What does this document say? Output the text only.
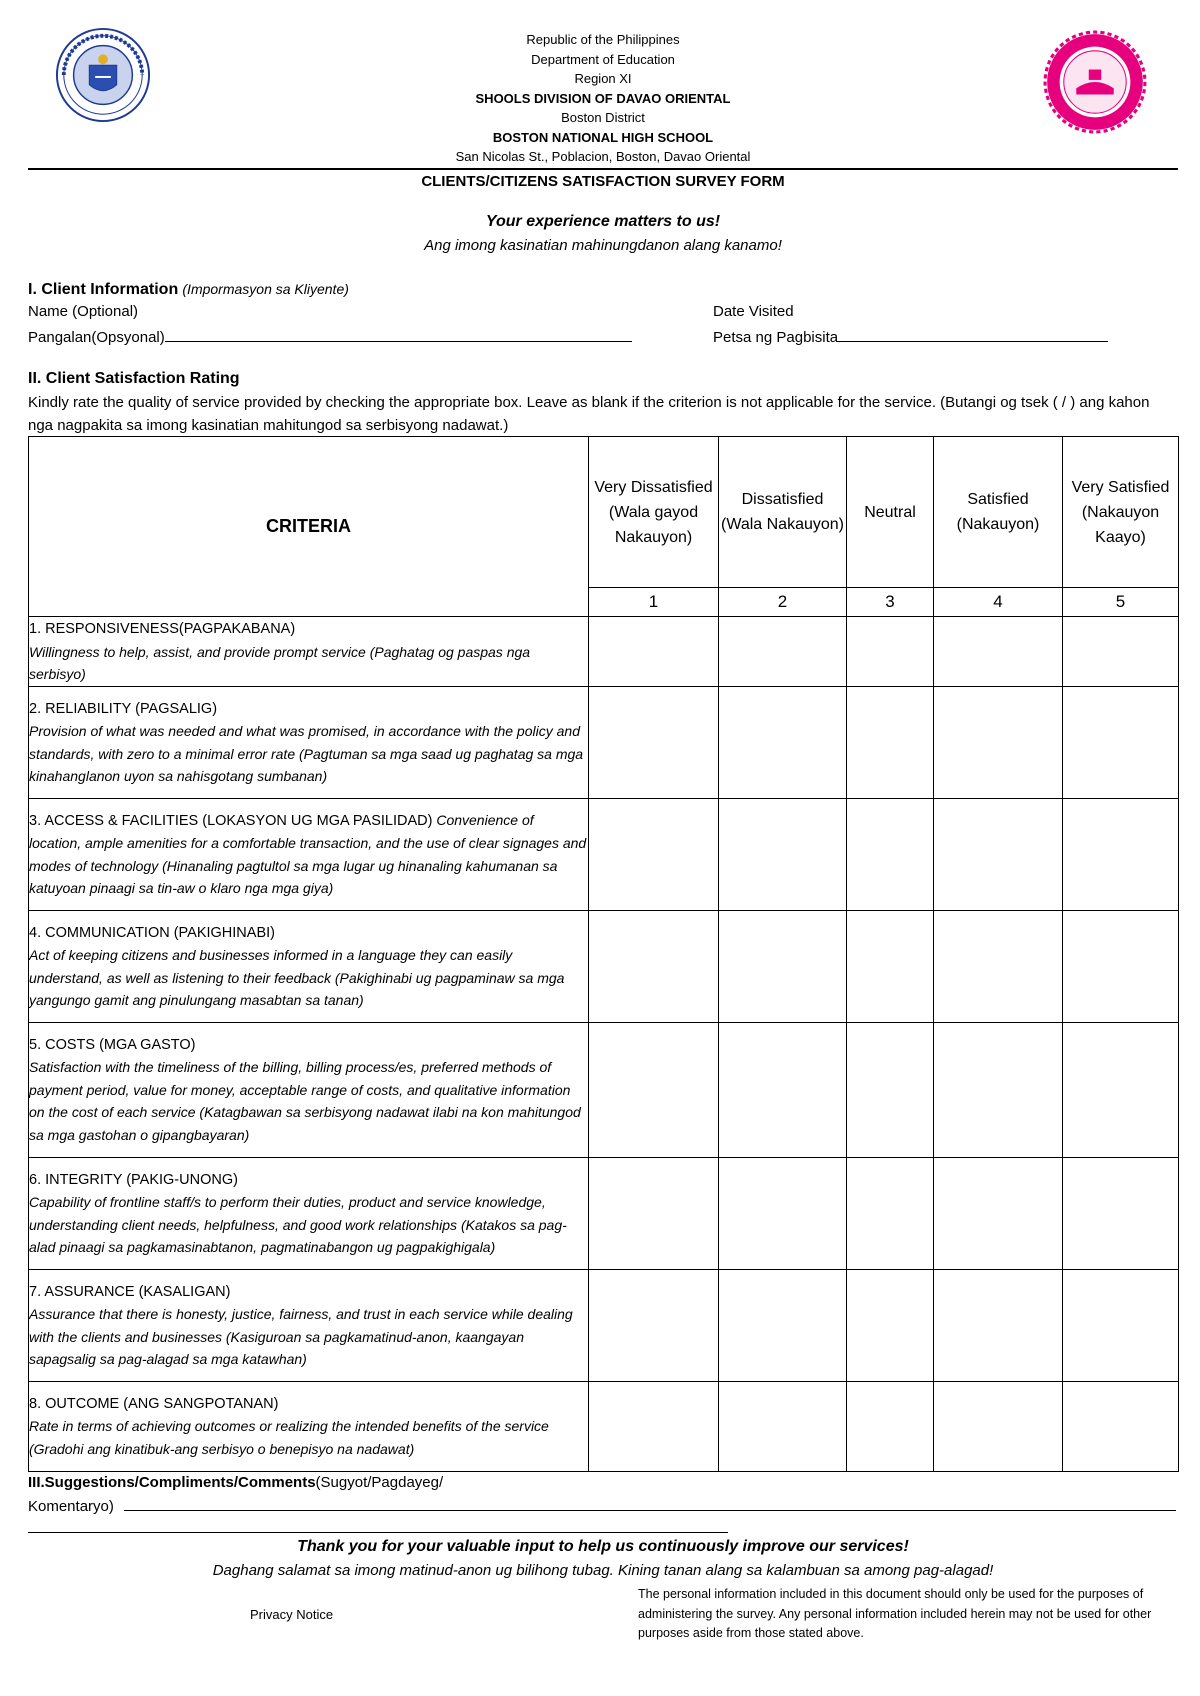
Republic of the Philippines
Department of Education
Region XI
SHOOLS DIVISION OF DAVAO ORIENTAL
Boston District
BOSTON NATIONAL HIGH SCHOOL
San Nicolas St., Poblacion, Boston, Davao Oriental
CLIENTS/CITIZENS SATISFACTION SURVEY FORM
Your experience matters to us!
Ang imong kasinatian mahinungdanon alang kanamo!
I. Client Information (Impormasyon sa Kliyente)
Name (Optional)
Pangalan(Opsyonal)
Date Visited
Petsa ng Pagbisita
II. Client Satisfaction Rating
Kindly rate the quality of service provided by checking the appropriate box. Leave as blank if the criterion is not applicable for the service. (Butangi og tsek ( / ) ang kahon nga nagpakita sa imong kasinatian mahitungod sa serbisyong nadawat.)
CRITERIA	Very Dissatisfied (Wala gayod Nakauyon)	Dissatisfied (Wala Nakauyon)	Neutral	Satisfied (Nakauyon)	Very Satisfied (Nakauyon Kaayo)
	1	2	3	4	5
1. RESPONSIVENESS(PAGPAKABANA)
Willingness to help, assist, and provide prompt service (Paghatag og paspas nga serbisyo)					
2. RELIABILITY (PAGSALIG)
Provision of what was needed and what was promised, in accordance with the policy and standards, with zero to a minimal error rate (Pagtuman sa mga saad ug paghatag sa mga kinahanglanon uyon sa nahisgotang sumbanan)					
3. ACCESS & FACILITIES (LOKASYON UG MGA PASILIDAD) Convenience of location, ample amenities for a comfortable transaction, and the use of clear signages and modes of technology (Hinanaling pagtultol sa mga lugar ug hinanaling kahumanan sa katuyoan pinaagi sa tin-aw o klaro nga mga giya)					
4. COMMUNICATION (PAKIGHINABI)
Act of keeping citizens and businesses informed in a language they can easily understand, as well as listening to their feedback (Pakighinabi ug pagpaminaw sa mga yangungo gamit ang pinulungang masabtan sa tanan)					
5. COSTS (MGA GASTO)
Satisfaction with the timeliness of the billing, billing process/es, preferred methods of payment period, value for money, acceptable range of costs, and qualitative information on the cost of each service (Katagbawan sa serbisyong nadawat ilabi na kon mahitungod sa mga gastohan o gipangbayaran)					
6. INTEGRITY (PAKIG-UNONG)
Capability of frontline staff/s to perform their duties, product and service knowledge, understanding client needs, helpfulness, and good work relationships (Katakos sa pag-alad pinaagi sa pagkamasinabtanon, pagmatinabangon ug pagpakighigala)					
7. ASSURANCE (KASALIGAN)
Assurance that there is honesty, justice, fairness, and trust in each service while dealing with the clients and businesses (Kasiguroan sa pagkamatinud-anon, kaangayan sapagsalig sa pag-alagad sa mga katawhan)					
8. OUTCOME (ANG SANGPOTANAN)
Rate in terms of achieving outcomes or realizing the intended benefits of the service (Gradohi ang kinatibuk-ang serbisyo o benepisyo na nadawat)					
III.Suggestions/Compliments/Comments(Sugyot/Pagdayeg/
Komentaryo)
Thank you for your valuable input to help us continuously improve our services!
Daghang salamat sa imong matinud-anon ug bilihong tubag. Kining tanan alang sa kalambuan sa among pag-alagad!
Privacy Notice
The personal information included in this document should only be used for the purposes of administering the survey. Any personal information included herein may not be used for other purposes aside from those stated above.
